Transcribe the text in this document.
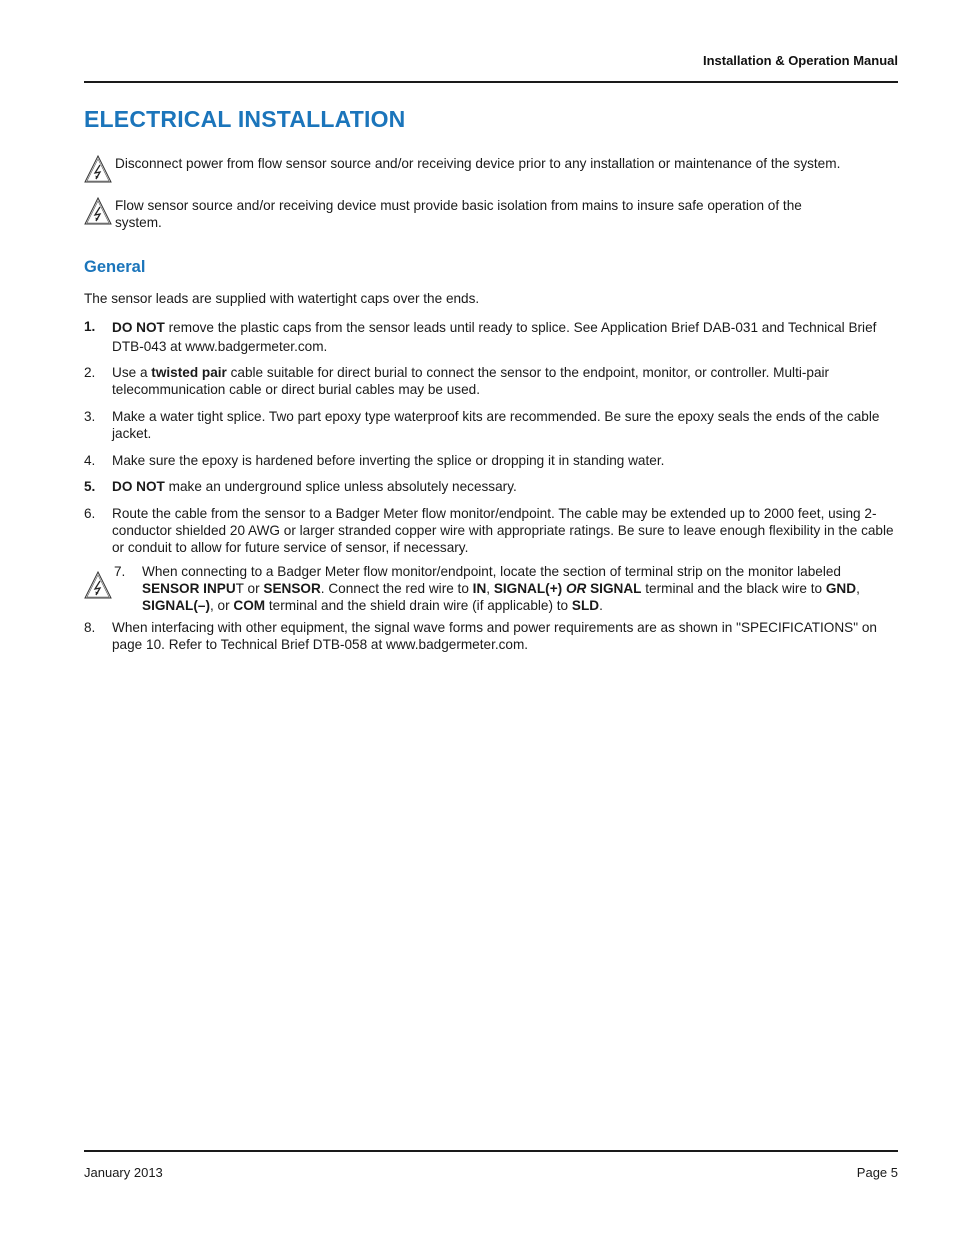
Installation & Operation Manual
ELECTRICAL INSTALLATION
Disconnect power from flow sensor source and/or receiving device prior to any installation or maintenance of the system.
Flow sensor source and/or receiving device must provide basic isolation from mains to insure safe operation of the system.
General

The sensor leads are supplied with watertight caps over the ends.

1. DO NOT remove the plastic caps from the sensor leads until ready to splice. See Application Brief DAB-031 and Technical Brief DTB-043 at www.badgermeter.com.
2. Use a twisted pair cable suitable for direct burial to connect the sensor to the endpoint, monitor, or controller. Multi-pair telecommunication cable or direct burial cables may be used.
3. Make a water tight splice. Two part epoxy type waterproof kits are recommended. Be sure the epoxy seals the ends of the cable jacket.
4. Make sure the epoxy is hardened before inverting the splice or dropping it in standing water.
5. DO NOT make an underground splice unless absolutely necessary.
6. Route the cable from the sensor to a Badger Meter flow monitor/endpoint. The cable may be extended up to 2000 feet, using 2-conductor shielded 20 AWG or larger stranded copper wire with appropriate ratings. Be sure to leave enough flexibility in the cable or conduit to allow for future service of sensor, if necessary.
7. When connecting to a Badger Meter flow monitor/endpoint, locate the section of terminal strip on the monitor labeled SENSOR INPUT or SENSOR. Connect the red wire to IN, SIGNAL(+) OR SIGNAL terminal and the black wire to GND, SIGNAL(–), or COM terminal and the shield drain wire (if applicable) to SLD.
8. When interfacing with other equipment, the signal wave forms and power requirements are as shown in "SPECIFICATIONS" on page 10. Refer to Technical Brief DTB-058 at www.badgermeter.com.
January 2013	Page 5
